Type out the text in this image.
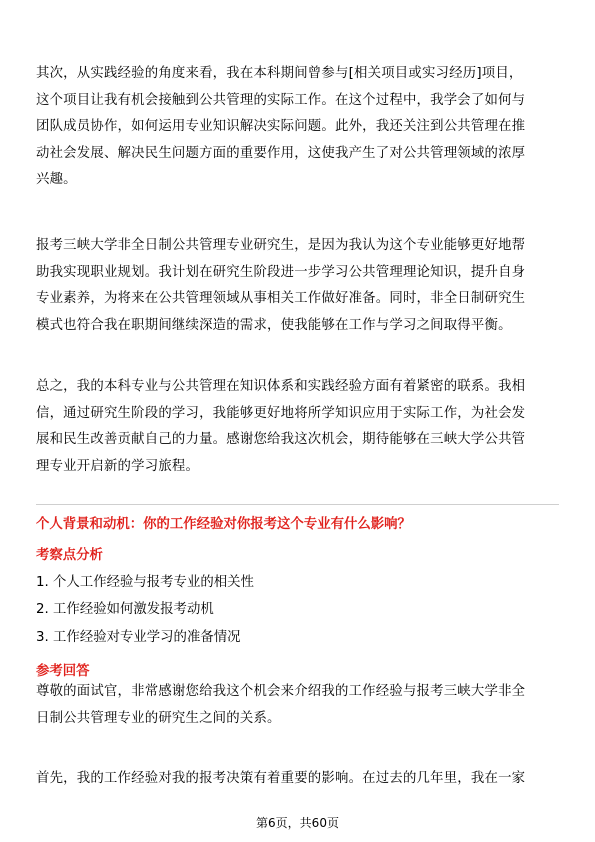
其次，从实践经验的角度来看，我在本科期间曾参与[相关项目或实习经历]项目，
这个项目让我有机会接触到公共管理的实际工作。在这个过程中，我学会了如何与
团队成员协作，如何运用专业知识解决实际问题。此外，我还关注到公共管理在推
动社会发展、解决民生问题方面的重要作用，这使我产生了对公共管理领域的浓厚
兴趣。

报考三峡大学非全日制公共管理专业研究生，是因为我认为这个专业能够更好地帮
助我实现职业规划。我计划在研究生阶段进一步学习公共管理理论知识，提升自身
专业素养，为将来在公共管理领域从事相关工作做好准备。同时，非全日制研究生
模式也符合我在职期间继续深造的需求，使我能够在工作与学习之间取得平衡。

总之，我的本科专业与公共管理在知识体系和实践经验方面有着紧密的联系。我相
信，通过研究生阶段的学习，我能够更好地将所学知识应用于实际工作，为社会发
展和民生改善贡献自己的力量。感谢您给我这次机会，期待能够在三峡大学公共管
理专业开启新的学习旅程。

个人背景和动机：你的工作经验对你报考这个专业有什么影响？

考察点分析

1. 个人工作经验与报考专业的相关性

2. 工作经验如何激发报考动机

3. 工作经验对专业学习的准备情况

参考回答

尊敬的面试官，非常感谢您给我这个机会来介绍我的工作经验与报考三峡大学非全
日制公共管理专业的研究生之间的关系。

首先，我的工作经验对我的报考决策有着重要的影响。在过去的几年里，我在一家

第6页，共60页
